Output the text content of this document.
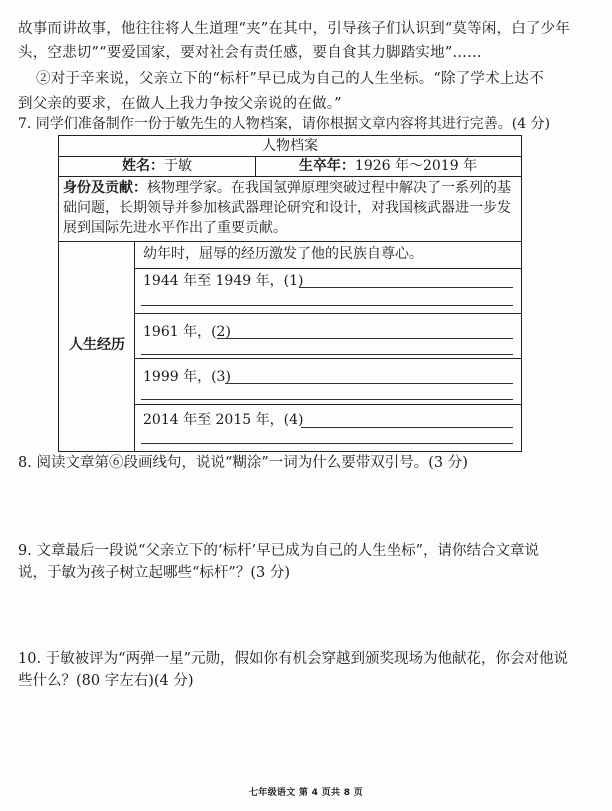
故事而讲故事，他往往将人生道理“夹”在其中，引导孩子们认识到“莫等闲，白了少年
头，空悲切”“要爱国家，要对社会有责任感，要自食其力脚踏实地”……
②对于辛来说，父亲立下的“标杆”早已成为自己的人生坐标。“除了学术上达不
到父亲的要求，在做人上我力争按父亲说的在做。”
7. 同学们准备制作一份于敏先生的人物档案，请你根据文章内容将其进行完善。(4 分)
人物档案
姓名：于敏	生卒年：1926 年～2019 年
身份及贡献：核物理学家。在我国氢弹原理突破过程中解决了一系列的基
础问题，长期领导并参加核武器理论研究和设计，对我国核武器进一步发
展到国际先进水平作出了重要贡献。
人生经历
幼年时，屈辱的经历激发了他的民族自尊心。
1944 年至 1949 年，(1)
1961 年，(2)
1999 年，(3)
2014 年至 2015 年，(4)
8. 阅读文章第⑥段画线句，说说“糊涂”一词为什么要带双引号。(3 分)
9. 文章最后一段说“父亲立下的‘标杆’早已成为自己的人生坐标”，请你结合文章说
说，于敏为孩子树立起哪些“标杆”？(3 分)
10. 于敏被评为“两弹一星”元勋，假如你有机会穿越到颁奖现场为他献花，你会对他说
些什么？(80 字左右)(4 分)
七年级语文 第 4 页共 8 页
